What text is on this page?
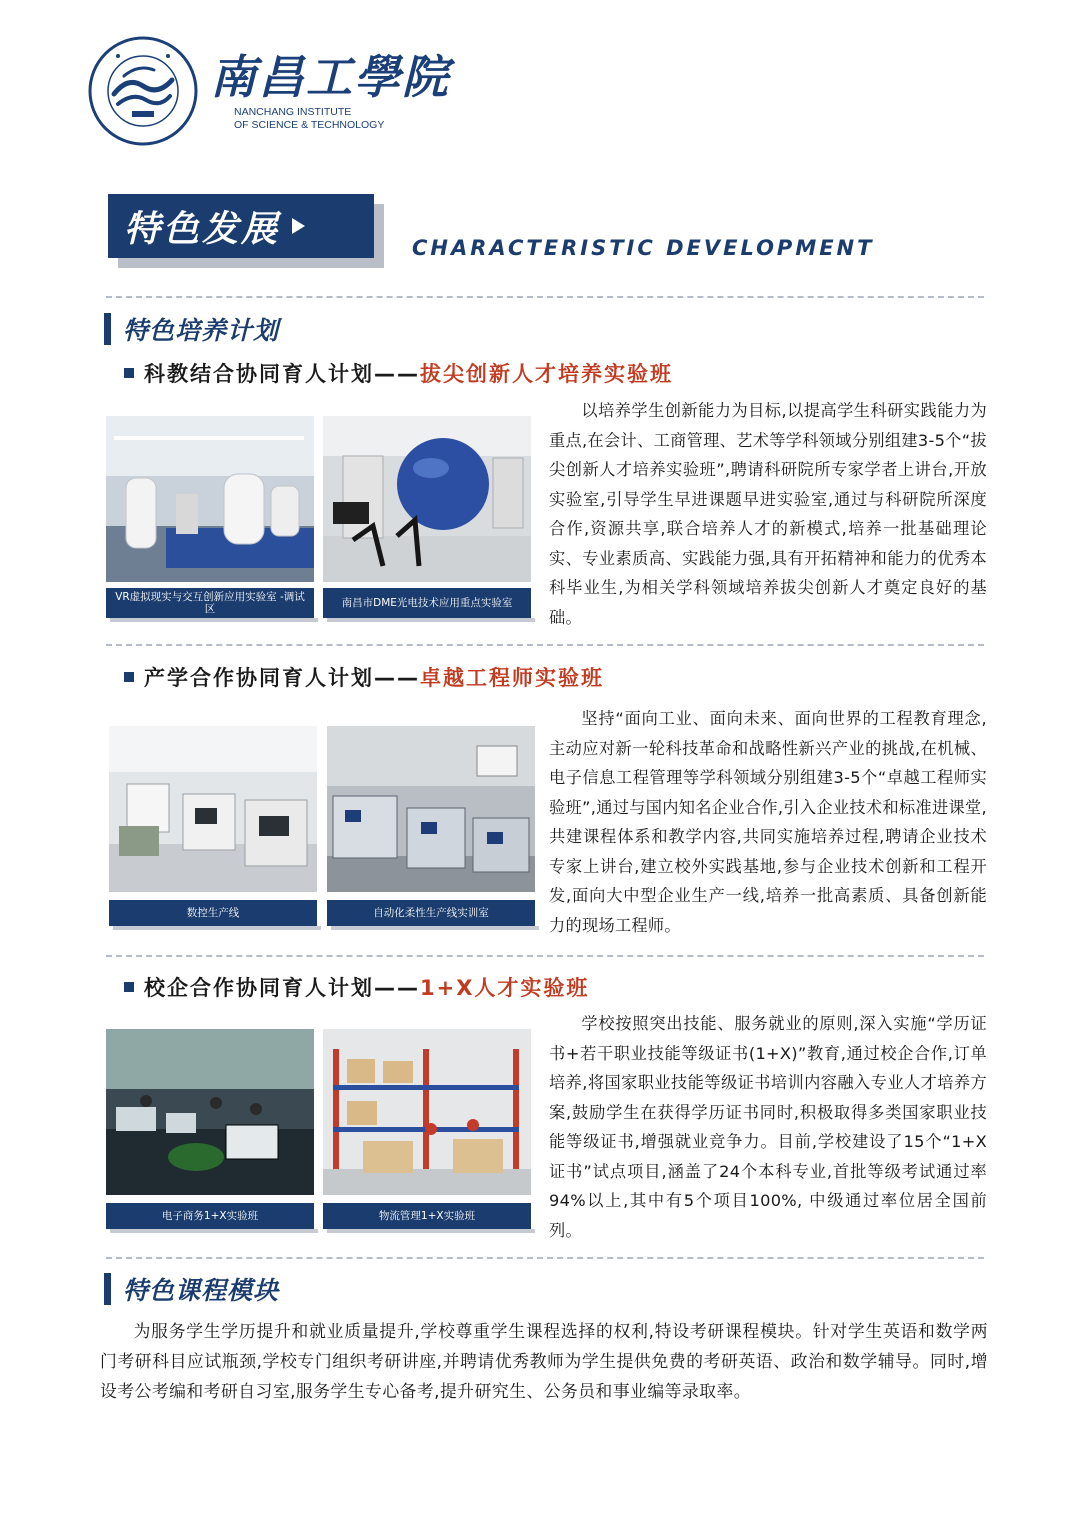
南昌工學院
NANCHANG INSTITUTE
OF SCIENCE & TECHNOLOGY
特色发展	CHARACTERISTIC DEVELOPMENT
特色培养计划
科教结合协同育人计划—— 拔尖创新人才培养实验班
VR虚拟现实与交互创新应用实验室 -调试区	南昌市DME光电技术应用重点实验室

以培养学生创新能力为目标,以提高学生科研实践能力为重点,在会计、工商管理、艺术等学科领域分别组建3-5个“拔尖创新人才培养实验班”,聘请科研院所专家学者上讲台,开放实验室,引导学生早进课题早进实验室,通过与科研院所深度合作,资源共享,联合培养人才的新模式,培养一批基础理论实、专业素质高、实践能力强,具有开拓精神和能力的优秀本科毕业生,为相关学科领域培养拔尖创新人才奠定良好的基础。

产学合作协同育人计划—— 卓越工程师实验班
数控生产线	自动化柔性生产线实训室

坚持“面向工业、面向未来、面向世界的工程教育理念,主动应对新一轮科技革命和战略性新兴产业的挑战,在机械、电子信息工程管理等学科领域分别组建3-5个“卓越工程师实验班”,通过与国内知名企业合作,引入企业技术和标准进课堂,共建课程体系和教学内容,共同实施培养过程,聘请企业技术专家上讲台,建立校外实践基地,参与企业技术创新和工程开发,面向大中型企业生产一线,培养一批高素质、具备创新能力的现场工程师。

校企合作协同育人计划—— 1+X人才实验班
电子商务1+X实验班	物流管理1+X实验班

学校按照突出技能、服务就业的原则,深入实施“学历证书+若干职业技能等级证书(1+X)”教育,通过校企合作,订单培养,将国家职业技能等级证书培训内容融入专业人才培养方案,鼓励学生在获得学历证书同时,积极取得多类国家职业技能等级证书,增强就业竞争力。目前,学校建设了15个“1+X证书”试点项目,涵盖了24个本科专业,首批等级考试通过率94%以上,其中有5个项目100%, 中级通过率位居全国前列。

特色课程模块

为服务学生学历提升和就业质量提升,学校尊重学生课程选择的权利,特设考研课程模块。针对学生英语和数学两门考研科目应试瓶颈,学校专门组织考研讲座,并聘请优秀教师为学生提供免费的考研英语、政治和数学辅导。同时,增设考公考编和考研自习室,服务学生专心备考,提升研究生、公务员和事业编等录取率。
